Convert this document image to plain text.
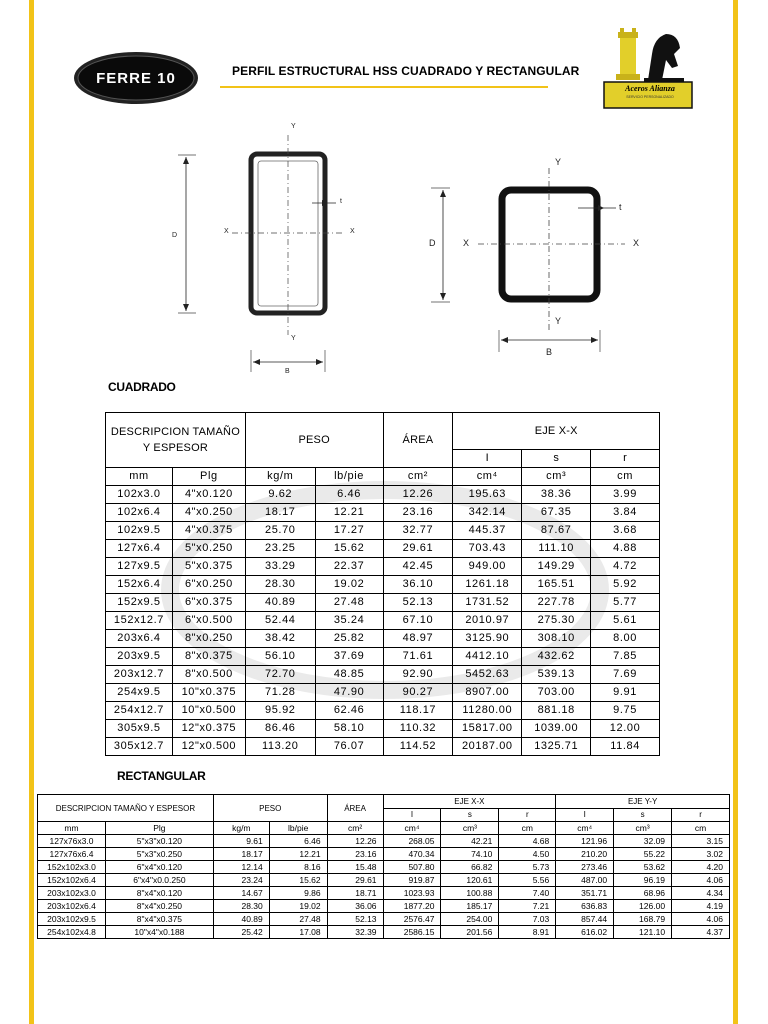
FERRE 10	PERFIL ESTRUCTURAL HSS CUADRADO Y RECTANGULAR
Aceros Alianza
SERVICIO PERSONALIZADO
Y
Y
X	X
t
D
B
Y
Y
X	X
t
D
B
CUADRADO
DESCRIPCION TAMAÑO Y ESPESOR		PESO		ÁREA	EJE X-X		
					I	s	r
mm	Plg	kg/m	lb/pie	cm²	cm⁴	cm³	cm
102x3.0	4"x0.120	9.62	6.46	12.26	195.63	38.36	3.99
102x6.4	4"x0.250	18.17	12.21	23.16	342.14	67.35	3.84
102x9.5	4"x0.375	25.70	17.27	32.77	445.37	87.67	3.68
127x6.4	5"x0.250	23.25	15.62	29.61	703.43	111.10	4.88
127x9.5	5"x0.375	33.29	22.37	42.45	949.00	149.29	4.72
152x6.4	6"x0.250	28.30	19.02	36.10	1261.18	165.51	5.92
152x9.5	6"x0.375	40.89	27.48	52.13	1731.52	227.78	5.77
152x12.7	6"x0.500	52.44	35.24	67.10	2010.97	275.30	5.61
203x6.4	8"x0.250	38.42	25.82	48.97	3125.90	308.10	8.00
203x9.5	8"x0.375	56.10	37.69	71.61	4412.10	432.62	7.85
203x12.7	8"x0.500	72.70	48.85	92.90	5452.63	539.13	7.69
254x9.5	10"x0.375	71.28	47.90	90.27	8907.00	703.00	9.91
254x12.7	10"x0.500	95.92	62.46	118.17	11280.00	881.18	9.75
305x9.5	12"x0.375	86.46	58.10	110.32	15817.00	1039.00	12.00
305x12.7	12"x0.500	113.20	76.07	114.52	20187.00	1325.71	11.84
RECTANGULAR
DESCRIPCION TAMAÑO Y ESPESOR		PESO		ÁREA	EJE X-X			EJE Y-Y		
					I	s	r	I	s	r
mm	Plg	kg/m	lb/pie	cm²	cm⁴	cm³	cm	cm⁴	cm³	cm
127x76x3.0	5"x3"x0.120	9.61	6.46	12.26	268.05	42.21	4.68	121.96	32.09	3.15
127x76x6.4	5"x3"x0.250	18.17	12.21	23.16	470.34	74.10	4.50	210.20	55.22	3.02
152x102x3.0	6"x4"x0.120	12.14	8.16	15.48	507.80	66.82	5.73	273.46	53.62	4.20
152x102x6.4	6"x4"x0.0.250	23.24	15.62	29.61	919.87	120.61	5.56	487.00	96.19	4.06
203x102x3.0	8"x4"x0.120	14.67	9.86	18.71	1023.93	100.88	7.40	351.71	68.96	4.34
203x102x6.4	8"x4"x0.250	28.30	19.02	36.06	1877.20	185.17	7.21	636.83	126.00	4.19
203x102x9.5	8"x4"x0.375	40.89	27.48	52.13	2576.47	254.00	7.03	857.44	168.79	4.06
254x102x4.8	10"x4"x0.188	25.42	17.08	32.39	2586.15	201.56	8.91	616.02	121.10	4.37
